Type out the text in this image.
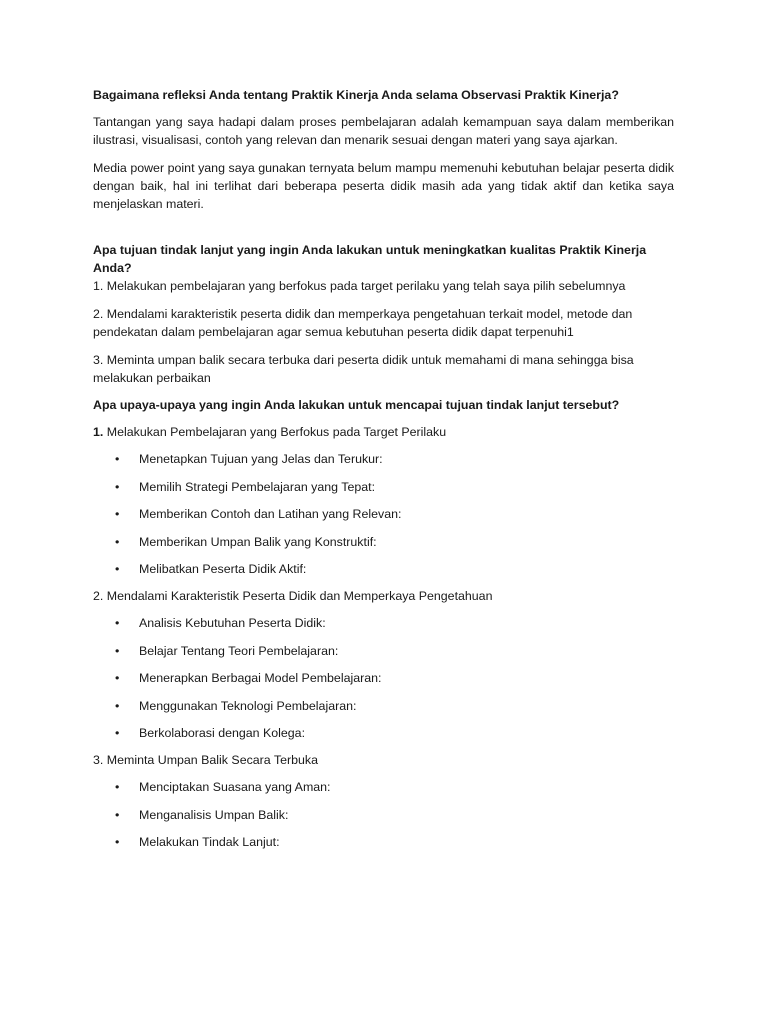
Bagaimana refleksi Anda tentang Praktik Kinerja Anda selama Observasi Praktik Kinerja?

Tantangan yang saya hadapi dalam proses pembelajaran adalah kemampuan saya dalam memberikan ilustrasi, visualisasi, contoh yang relevan dan menarik sesuai dengan materi yang saya ajarkan.

Media power point yang saya gunakan ternyata belum mampu memenuhi kebutuhan belajar peserta didik dengan baik, hal ini terlihat dari beberapa peserta didik masih ada yang tidak aktif dan ketika saya menjelaskan materi.

Apa tujuan tindak lanjut yang ingin Anda lakukan untuk meningkatkan kualitas Praktik Kinerja Anda?

1. Melakukan pembelajaran yang berfokus pada target perilaku yang telah saya pilih sebelumnya

2. Mendalami karakteristik peserta didik dan memperkaya pengetahuan terkait model, metode dan pendekatan dalam pembelajaran agar semua kebutuhan peserta didik dapat terpenuhi1

3. Meminta umpan balik secara terbuka dari peserta didik untuk memahami di mana sehingga bisa melakukan perbaikan

Apa upaya-upaya yang ingin Anda lakukan untuk mencapai tujuan tindak lanjut tersebut?

1. Melakukan Pembelajaran yang Berfokus pada Target Perilaku

• Menetapkan Tujuan yang Jelas dan Terukur:
• Memilih Strategi Pembelajaran yang Tepat:
• Memberikan Contoh dan Latihan yang Relevan:
• Memberikan Umpan Balik yang Konstruktif:
• Melibatkan Peserta Didik Aktif:

2. Mendalami Karakteristik Peserta Didik dan Memperkaya Pengetahuan

• Analisis Kebutuhan Peserta Didik:
• Belajar Tentang Teori Pembelajaran:
• Menerapkan Berbagai Model Pembelajaran:
• Menggunakan Teknologi Pembelajaran:
• Berkolaborasi dengan Kolega:

3. Meminta Umpan Balik Secara Terbuka

• Menciptakan Suasana yang Aman:
• Menganalisis Umpan Balik:
• Melakukan Tindak Lanjut:
